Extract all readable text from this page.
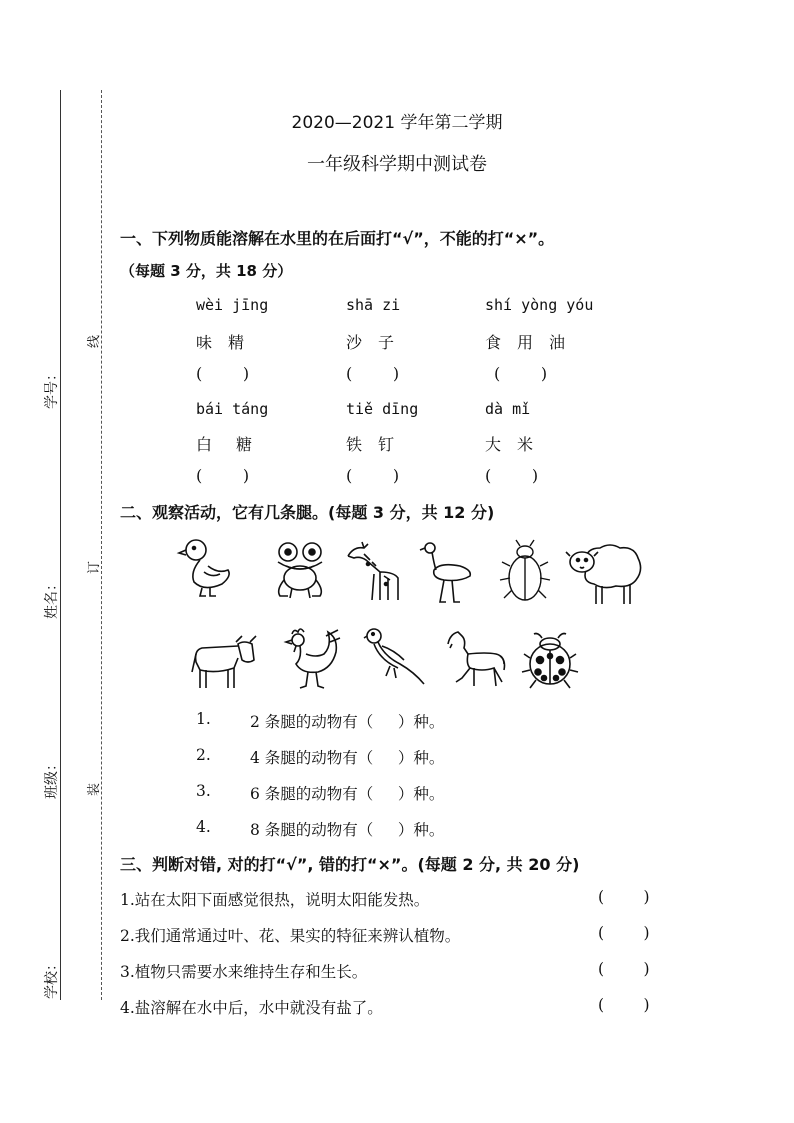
学号：
姓名：
班级：
学校：
线
订
装
2020—2021 学年第二学期
一年级科学期中测试卷
一、下列物质能溶解在水里的在后面打“√”，不能的打“×”。
（每题 3 分，共 18 分）
wèi jīng	shā zi	shí yòng yóu
味精	沙子	食用油
(        )	(        )	(        )
bái táng	tiě dīng	dà mǐ
白糖	铁钉	大米
(        )	(        )	(        )
二、观察活动，它有几条腿。(每题 3 分，共 12 分)
1.	2 条腿的动物有（     ）种。
2.	4 条腿的动物有（     ）种。
3.	6 条腿的动物有（     ）种。
4.	8 条腿的动物有（     ）种。
三、判断对错, 对的打“√”, 错的打“×”。(每题 2 分, 共 20 分)
1.站在太阳下面感觉很热，说明太阳能发热。	(        )
2.我们通常通过叶、花、果实的特征来辨认植物。	(        )
3.植物只需要水来维持生存和生长。	(        )
4.盐溶解在水中后，水中就没有盐了。	(        )
